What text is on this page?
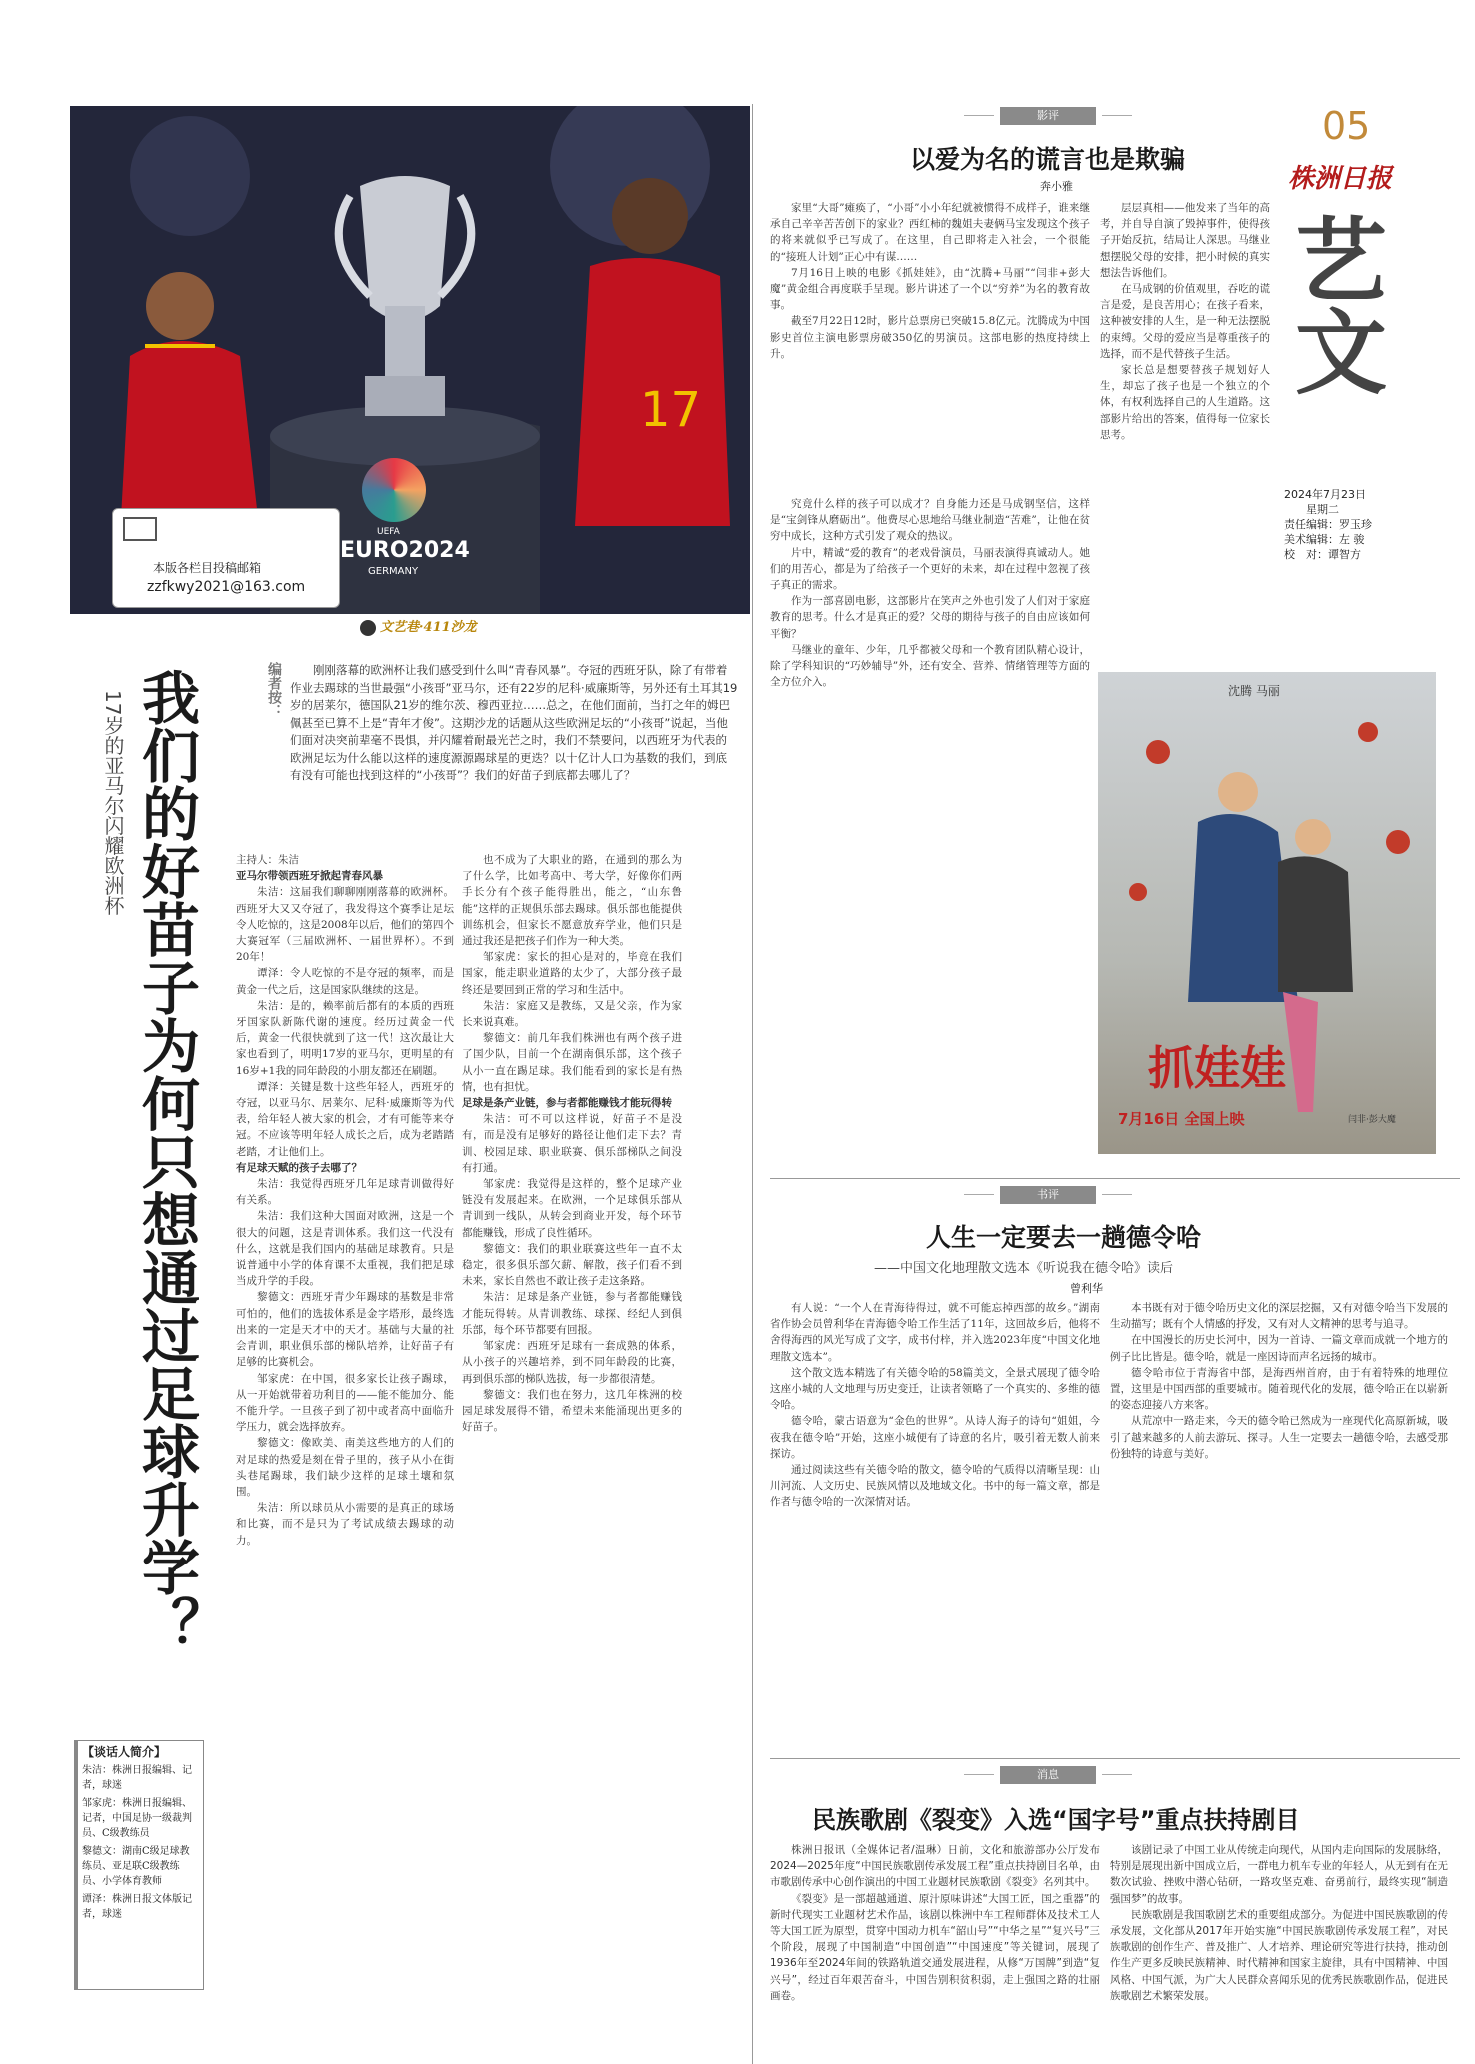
05
株洲日报
艺文
2024年7月23日
星期二
责任编辑：罗玉珍
美术编辑：左 骏
校　对：谭智方
17
UEFA
EURO2024
GERMANY
本版各栏目投稿邮箱
zzfkwy2021@163.com
文艺巷·411沙龙
编者按：	刚刚落幕的欧洲杯让我们感受到什么叫“青春风暴”。夺冠的西班牙队，除了有带着作业去踢球的当世最强“小孩哥”亚马尔，还有22岁的尼科·威廉斯等，另外还有土耳其19岁的居莱尔，德国队21岁的维尔茨、穆西亚拉……总之，在他们面前，当打之年的姆巴佩甚至已算不上是“青年才俊”。这期沙龙的话题从这些欧洲足坛的“小孩哥”说起，当他们面对决突前辈毫不畏惧，并闪耀着耐最光芒之时，我们不禁要问，以西班牙为代表的欧洲足坛为什么能以这样的速度源源踢球星的更迭？以十亿计人口为基数的我们，到底有没有可能也找到这样的“小孩哥”？我们的好苗子到底都去哪儿了？
我们的好苗子为何只想通过足球升学？
17岁的亚马尔闪耀欧洲杯	主持人：朱洁

亚马尔带领西班牙掀起青春风暴

朱洁：这届我们聊聊刚刚落幕的欧洲杯。西班牙大又又夺冠了，我发得这个赛季让足坛令人吃惊的，这是2008年以后，他们的第四个大赛冠军（三届欧洲杯、一届世界杯）。不到20年！

谭泽：令人吃惊的不是夺冠的频率，而是黄金一代之后，这是国家队继续的这是。

朱洁：是的，赖率前后都有的本质的西班牙国家队新陈代谢的速度。经历过黄金一代后，黄金一代很快就到了这一代！这次最让大家也看到了，明明17岁的亚马尔，更明星的有16岁+1我的同年龄段的小朋友都还在刷题。

谭泽：关键是数十这些年轻人，西班牙的夺冠，以亚马尔、居莱尔、尼科·威廉斯等为代表，给年轻人被大家的机会，才有可能等来夺冠。不应该等明年轻人成长之后，成为老踏踏老踏，才让他们上。

有足球天赋的孩子去哪了？

朱洁：我觉得西班牙几年足球青训做得好有关系。

朱洁：我们这种大国面对欧洲，这是一个很大的问题，这是青训体系。我们这一代没有什么，这就是我们国内的基础足球教育。只是说普通中小学的体育课不太重视，我们把足球当成升学的手段。

黎德文：西班牙青少年踢球的基数是非常可怕的，他们的选拔体系是金字塔形，最终选出来的一定是天才中的天才。基础与大量的社会青训，职业俱乐部的梯队培养，让好苗子有足够的比赛机会。

邹家虎：在中国，很多家长让孩子踢球，从一开始就带着功利目的——能不能加分、能不能升学。一旦孩子到了初中或者高中面临升学压力，就会选择放弃。

黎德文：像欧美、南美这些地方的人们的对足球的热爱是刻在骨子里的，孩子从小在街头巷尾踢球，我们缺少这样的足球土壤和氛围。

朱洁：所以球员从小需要的是真正的球场和比赛，而不是只为了考试成绩去踢球的动力。

也不成为了大职业的路，在通到的那么为了什么学，比如考高中、考大学，好像你们两手长分有个孩子能得胜出，能之，“山东鲁能”这样的正规俱乐部去踢球。俱乐部也能提供训练机会，但家长不愿意放弃学业，他们只是通过我还是把孩子们作为一种大类。

邹家虎：家长的担心是对的，毕竟在我们国家，能走职业道路的太少了，大部分孩子最终还是要回到正常的学习和生活中。

朱洁：家庭又是教练，又是父亲，作为家长来说真难。

黎德文：前几年我们株洲也有两个孩子进了国少队，目前一个在湖南俱乐部，这个孩子从小一直在踢足球。我们能看到的家长是有热情，也有担忧。

足球是条产业链，参与者都能赚钱才能玩得转

朱洁：可不可以这样说，好苗子不是没有，而是没有足够好的路径让他们走下去？青训、校园足球、职业联赛、俱乐部梯队之间没有打通。

邹家虎：我觉得是这样的，整个足球产业链没有发展起来。在欧洲，一个足球俱乐部从青训到一线队，从转会到商业开发，每个环节都能赚钱，形成了良性循环。

黎德文：我们的职业联赛这些年一直不太稳定，很多俱乐部欠薪、解散，孩子们看不到未来，家长自然也不敢让孩子走这条路。

朱洁：足球是条产业链，参与者都能赚钱才能玩得转。从青训教练、球探、经纪人到俱乐部，每个环节都要有回报。

邹家虎：西班牙足球有一套成熟的体系，从小孩子的兴趣培养，到不同年龄段的比赛，再到俱乐部的梯队选拔，每一步都很清楚。

黎德文：我们也在努力，这几年株洲的校园足球发展得不错，希望未来能涌现出更多的好苗子。

【谈话人简介】
朱洁：株洲日报编辑、记者，球迷
邹家虎：株洲日报编辑、记者，中国足协一级裁判员、C级教练员
黎德文：湖南C级足球教练员、亚足联C级教练员、小学体育教师
谭泽：株洲日报文体版记者，球迷
影评
以爱为名的谎言也是欺骗
奔小雅

家里“大哥”瘫痪了，“小哥”小小年纪就被惯得不成样子，谁来继承自己辛辛苦苦创下的家业？西红柿的魏姐夫妻俩马宝发现这个孩子的将来就似乎已写成了。在这里，自己即将走入社会，一个很能的“接班人计划”正心中有谋……

7月16日上映的电影《抓娃娃》，由“沈腾+马丽”“闫非+彭大魔”黄金组合再度联手呈现。影片讲述了一个以“穷养”为名的教育故事。

截至7月22日12时，影片总票房已突破15.8亿元。沈腾成为中国影史首位主演电影票房破350亿的男演员。这部电影的热度持续上升。

层层真相——他发来了当年的高考，并自导自演了毁掉事件，使得孩子开始反抗，结局让人深思。马继业想摆脱父母的安排，把小时候的真实想法告诉他们。

在马成钢的价值观里，吞吃的谎言是爱，是良苦用心；在孩子看来，这种被安排的人生，是一种无法摆脱的束缚。父母的爱应当是尊重孩子的选择，而不是代替孩子生活。

家长总是想要替孩子规划好人生，却忘了孩子也是一个独立的个体，有权利选择自己的人生道路。这部影片给出的答案，值得每一位家长思考。

究竟什么样的孩子可以成才？自身能力还是马成钢坚信，这样是“宝剑锋从磨砺出”。他费尽心思地给马继业制造“苦难”，让他在贫穷中成长，这种方式引发了观众的热议。

片中，精诚“爱的教育”的老戏骨演员，马丽表演得真诚动人。她们的用苦心，都是为了给孩子一个更好的未来，却在过程中忽视了孩子真正的需求。

作为一部喜剧电影，这部影片在笑声之外也引发了人们对于家庭教育的思考。什么才是真正的爱？父母的期待与孩子的自由应该如何平衡？

马继业的童年、少年，几乎都被父母和一个教育团队精心设计，除了学科知识的“巧妙辅导”外，还有安全、营养、情绪管理等方面的全方位介入。

沈腾 马丽
抓娃娃
7月16日 全国上映	闫非·彭大魔
书评
人生一定要去一趟德令哈
——中国文化地理散文选本《听说我在德令哈》读后
曾利华

有人说：“一个人在青海待得过，就不可能忘掉西部的故乡。”湖南省作协会员曾利华在青海德令哈工作生活了11年，这回故乡后，他将不舍得海西的风光写成了文字，成书付梓，并入选2023年度“中国文化地理散文选本”。

这个散文选本精选了有关德令哈的58篇美文，全景式展现了德令哈这座小城的人文地理与历史变迁，让读者领略了一个真实的、多维的德令哈。

德令哈，蒙古语意为“金色的世界”。从诗人海子的诗句“姐姐，今夜我在德令哈”开始，这座小城便有了诗意的名片，吸引着无数人前来探访。

通过阅读这些有关德令哈的散文，德令哈的气质得以清晰呈现：山川河流、人文历史、民族风情以及地域文化。书中的每一篇文章，都是作者与德令哈的一次深情对话。

本书既有对于德令哈历史文化的深层挖掘，又有对德令哈当下发展的生动描写；既有个人情感的抒发，又有对人文精神的思考与追寻。

在中国漫长的历史长河中，因为一首诗、一篇文章而成就一个地方的例子比比皆是。德令哈，就是一座因诗而声名远扬的城市。

德令哈市位于青海省中部，是海西州首府，由于有着特殊的地理位置，这里是中国西部的重要城市。随着现代化的发展，德令哈正在以崭新的姿态迎接八方来客。

从荒凉中一路走来，今天的德令哈已然成为一座现代化高原新城，吸引了越来越多的人前去游玩、探寻。人生一定要去一趟德令哈，去感受那份独特的诗意与美好。

消息
民族歌剧《裂变》入选“国字号”重点扶持剧目

株洲日报讯（全媒体记者/温琳）日前，文化和旅游部办公厅发布2024—2025年度“中国民族歌剧传承发展工程”重点扶持剧目名单，由市歌剧传承中心创作演出的中国工业题材民族歌剧《裂变》名列其中。

《裂变》是一部超越通道、原汁原味讲述“大国工匠，国之重器”的新时代现实工业题材艺术作品，该剧以株洲中车工程师群体及技术工人等大国工匠为原型，贯穿中国动力机车“韶山号”“中华之星”“复兴号”三个阶段，展现了中国制造“中国创造”“中国速度”等关键词，展现了1936年至2024年间的铁路轨道交通发展进程，从修“万国牌”到造“复兴号”，经过百年艰苦奋斗，中国告别积贫积弱，走上强国之路的壮丽画卷。

该剧记录了中国工业从传统走向现代，从国内走向国际的发展脉络，特别是展现出新中国成立后，一群电力机车专业的年轻人，从无到有在无数次试验、挫败中潜心钻研，一路攻坚克难、奋勇前行，最终实现“制造强国梦”的故事。

民族歌剧是我国歌剧艺术的重要组成部分。为促进中国民族歌剧的传承发展，文化部从2017年开始实施“中国民族歌剧传承发展工程”，对民族歌剧的创作生产、普及推广、人才培养、理论研究等进行扶持，推动创作生产更多反映民族精神、时代精神和国家主旋律，具有中国精神、中国风格、中国气派，为广大人民群众喜闻乐见的优秀民族歌剧作品，促进民族歌剧艺术繁荣发展。
